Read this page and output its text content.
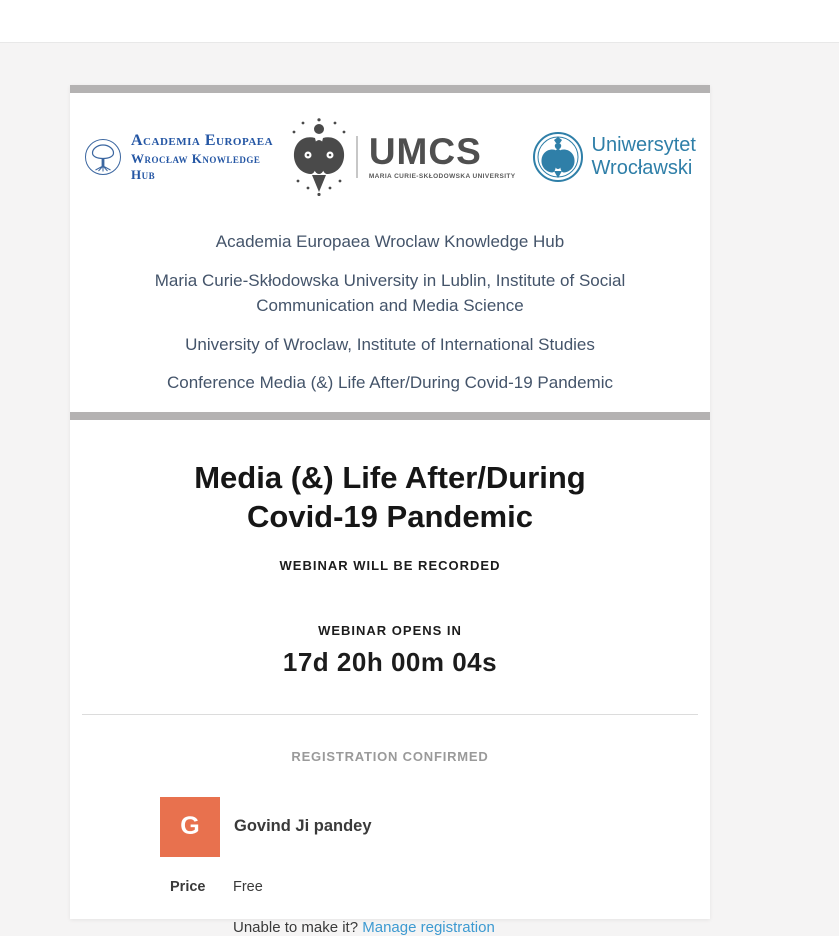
Academia Europaea
Wrocław Knowledge Hub
UMCS
MARIA CURIE-SKŁODOWSKA UNIVERSITY
Uniwersytet
Wrocławski

Academia Europaea Wroclaw Knowledge Hub

Maria Curie-Skłodowska University in Lublin, Institute of Social Communication and Media Science

University of Wroclaw, Institute of International Studies

Conference Media (&) Life After/During Covid-19 Pandemic

Media (&) Life After/During
Covid-19 Pandemic
WEBINAR WILL BE RECORDED
WEBINAR OPENS IN
17d 20h 00m 04s
REGISTRATION CONFIRMED
G Govind Ji pandey
Price Free
Unable to make it? Manage registration
